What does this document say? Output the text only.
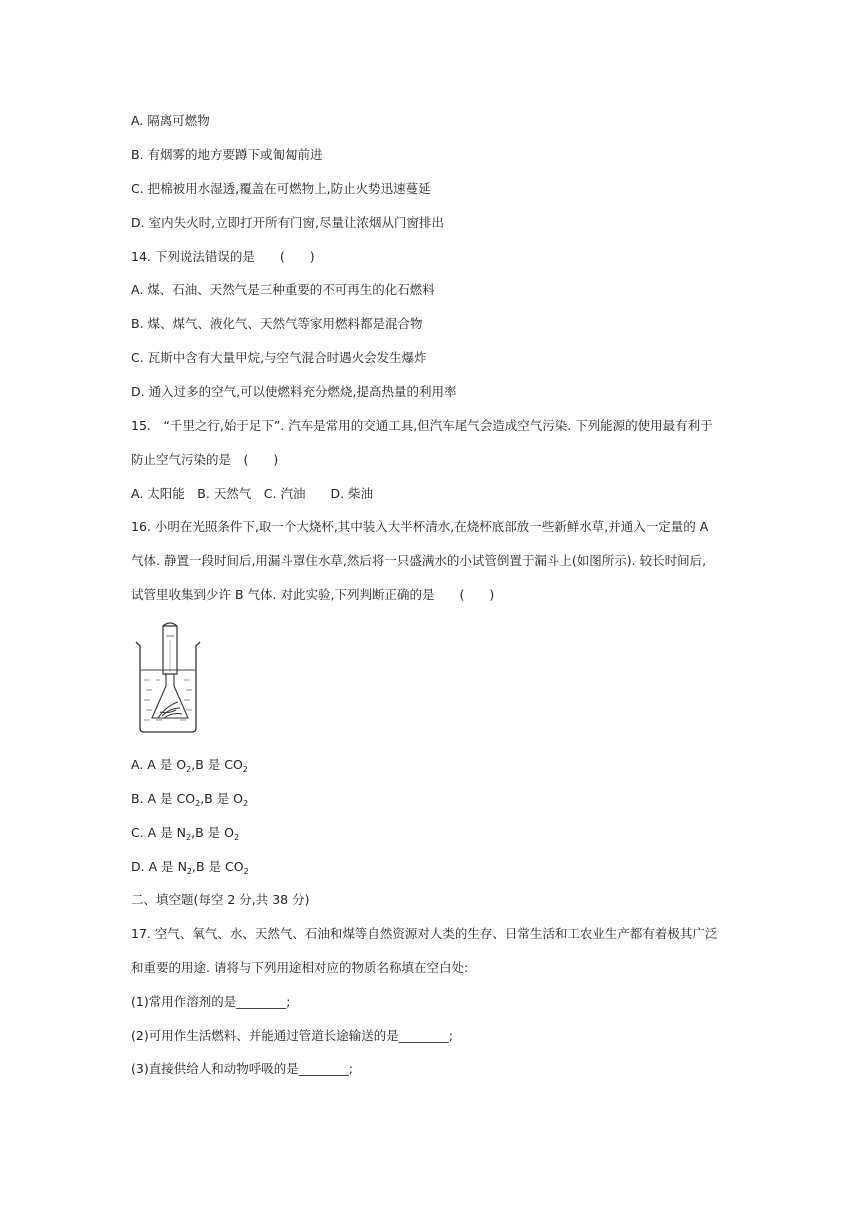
A. 隔离可燃物
B. 有烟雾的地方要蹲下或匍匐前进
C. 把棉被用水湿透,覆盖在可燃物上,防止火势迅速蔓延
D. 室内失火时,立即打开所有门窗,尽量让浓烟从门窗排出
14. 下列说法错误的是　　(　　)
A. 煤、石油、天然气是三种重要的不可再生的化石燃料
B. 煤、煤气、液化气、天然气等家用燃料都是混合物
C. 瓦斯中含有大量甲烷,与空气混合时遇火会发生爆炸
D. 通入过多的空气,可以使燃料充分燃烧,提高热量的利用率
15.　“千里之行,始于足下”. 汽车是常用的交通工具,但汽车尾气会造成空气污染. 下列能源的使用最有利于
防止空气污染的是　(　　)
A. 太阳能　B. 天然气　C. 汽油　　D. 柴油
16. 小明在光照条件下,取一个大烧杯,其中装入大半杯清水,在烧杯底部放一些新鲜水草,并通入一定量的 A
气体. 静置一段时间后,用漏斗罩住水草,然后将一只盛满水的小试管倒置于漏斗上(如图所示). 较长时间后,
试管里收集到少许 B 气体. 对此实验,下列判断正确的是　　(　　)
A. A 是 $O_2,B$ 是 $CO_2$
B. A 是 $CO_2,B$ 是 $O_2$
C. A 是 $N_2,B$ 是 $O_2$
D. A 是 $N_2,B$ 是 $CO_2$
二、填空题(每空 2 分,共 38 分)
17. 空气、氧气、水、天然气、石油和煤等自然资源对人类的生存、日常生活和工农业生产都有着极其广泛
和重要的用途. 请将与下列用途相对应的物质名称填在空白处:
(1)常用作溶剂的是________;
(2)可用作生活燃料、并能通过管道长途输送的是________;
(3)直接供给人和动物呼吸的是________;
